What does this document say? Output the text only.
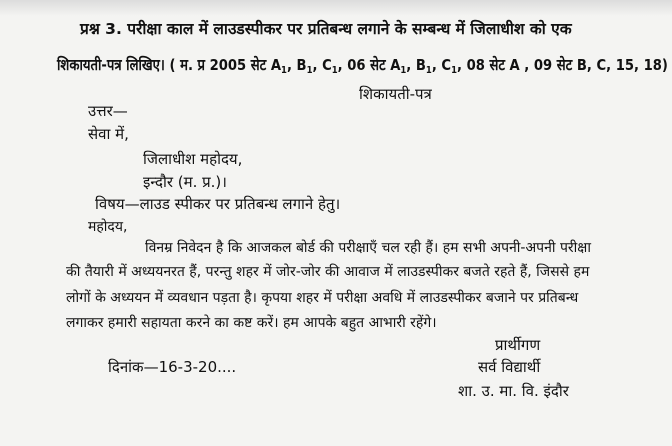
प्रश्न 3. परीक्षा काल में लाउडस्पीकर पर प्रतिबन्ध लगाने के सम्बन्ध में जिलाधीश को एक
शिकायती-पत्र लिखिए। ( म. प्र 2005 सेट $A_1$, $B_1$, $C_1$, 06 सेट $A_1$, $B_1$, $C_1$, 08 सेट A , 09 सेट B, C, 15, 18)
शिकायती-पत्र
उत्तर—
सेवा में,
जिलाधीश महोदय,
इन्दौर (म. प्र.)।
विषय—लाउड स्पीकर पर प्रतिबन्ध लगाने हेतु।
महोदय,
विनम्र निवेदन है कि आजकल बोर्ड की परीक्षाएँ चल रही हैं। हम सभी अपनी-अपनी परीक्षा
की तैयारी में अध्ययनरत हैं, परन्तु शहर में जोर-जोर की आवाज में लाउडस्पीकर बजते रहते हैं, जिससे हम
लोगों के अध्ययन में व्यवधान पड़ता है। कृपया शहर में परीक्षा अवधि में लाउडस्पीकर बजाने पर प्रतिबन्ध
लगाकर हमारी सहायता करने का कष्ट करें। हम आपके बहुत आभारी रहेंगे।
प्रार्थीगण
दिनांक—16-3-20....	सर्व विद्यार्थी
शा. उ. मा. वि. इंदौर
